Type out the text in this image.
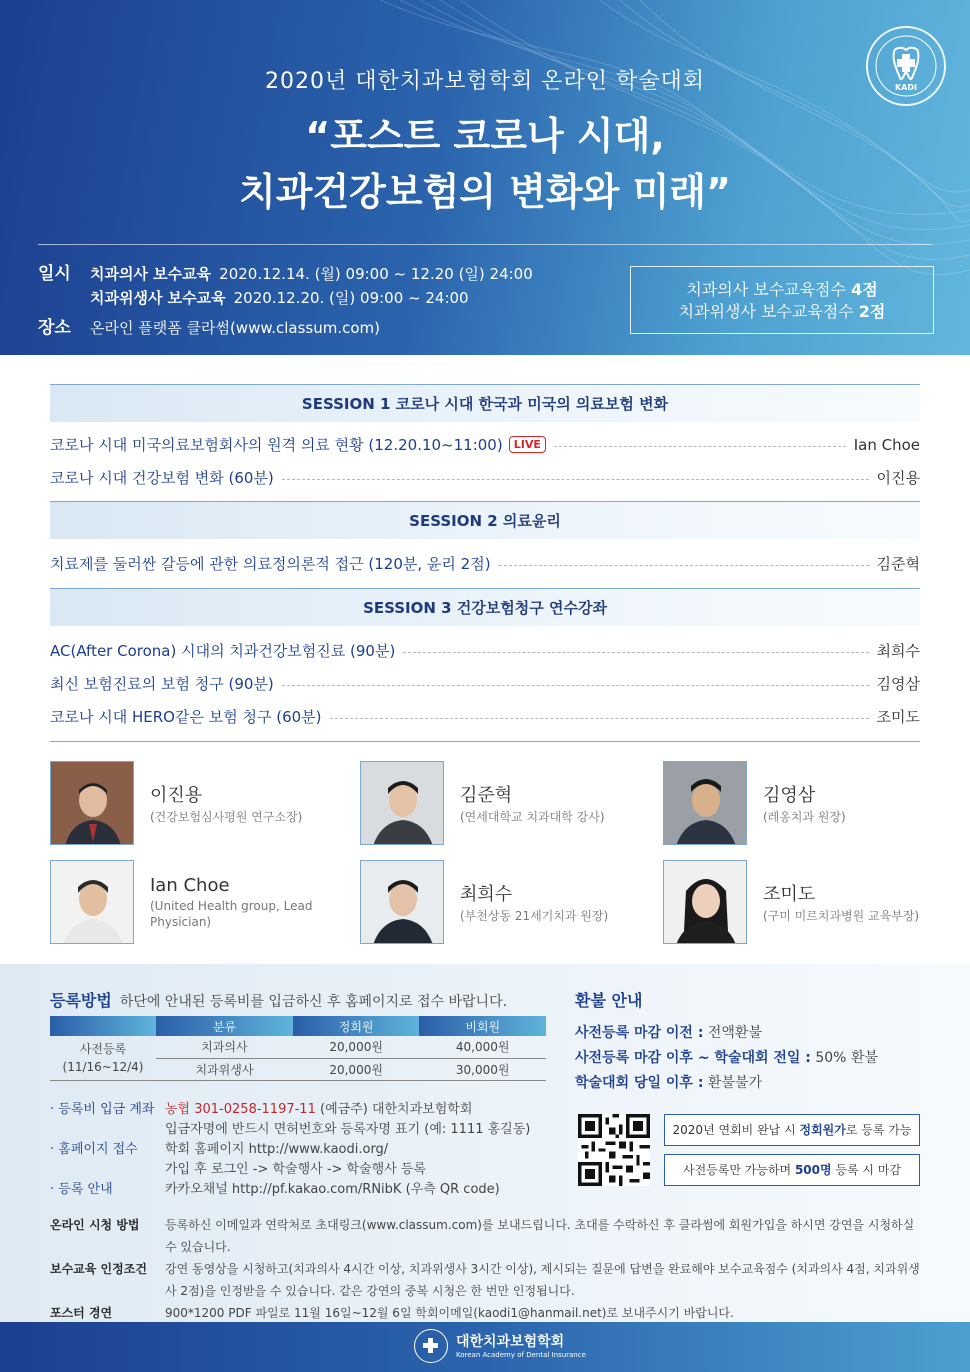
KADI
2020년 대한치과보험학회 온라인 학술대회
“포스트 코로나 시대,
치과건강보험의 변화와 미래”
일시 치과의사 보수교육 2020.12.14. (월) 09:00 ~ 12.20 (일) 24:00
치과위생사 보수교육 2020.12.20. (일) 09:00 ~ 24:00
장소 온라인 플랫폼 클라썸(www.classum.com)
치과의사 보수교육점수 4점
치과위생사 보수교육점수 2점
SESSION 1 코로나 시대 한국과 미국의 의료보험 변화
코로나 시대 미국의료보험회사의 원격 의료 현황 (12.20.10~11:00)	LIVE	Ian Choe
코로나 시대 건강보험 변화 (60분)	이진용
SESSION 2 의료윤리
치료제를 둘러싼 갈등에 관한 의료정의론적 접근 (120분, 윤리 2점)	김준혁
SESSION 3 건강보험청구 연수강좌
AC(After Corona) 시대의 치과건강보험진료 (90분)	최희수
최신 보험진료의 보험 청구 (90분)	김영삼
코로나 시대 HERO같은 보험 청구 (60분)	조미도
이진용
(건강보험심사평원 연구소장)
김준혁
(연세대학교 치과대학 강사)
김영삼
(레옹치과 원장)
Ian Choe
(United Health group, Lead Physician)
최희수
(부천상동 21세기치과 원장)
조미도
(구미 미르치과병원 교육부장)
등록방법 하단에 안내된 등록비를 입금하신 후 홈페이지로 접수 바랍니다.
	분류	정회원	비회원

사전등록
(11/16~12/4)	치과의사	20,000원	40,000원
	치과위생사	20,000원	30,000원
· 등록비 입금 계좌 농협 301-0258-1197-11 (예금주) 대한치과보험학회
입금자명에 반드시 면허번호와 등록자명 표기 (예: 1111 홍길동)
· 홈페이지 접수	학회 홈페이지 http://www.kaodi.org/
가입 후 로그인 -> 학술행사 -> 학술행사 등록
· 등록 안내	카카오채널 http://pf.kakao.com/RNibK (우측 QR code)
환불 안내
사전등록 마감 이전 : 전액환불
사전등록 마감 이후 ~ 학술대회 전일 : 50% 환불
학술대회 당일 이후 : 환불불가
2020년 연회비 완납 시 정회원가로 등록 가능
사전등록만 가능하며 500명 등록 시 마감
온라인 시청 방법	등록하신 이메일과 연락처로 초대링크(www.classum.com)를 보내드립니다. 초대를 수락하신 후 클라썸에 회원가입을 하시면 강연을 시청하실 수 있습니다.
보수교육 인정조건	강연 동영상을 시청하고(치과의사 4시간 이상, 치과위생사 3시간 이상), 제시되는 질문에 답변을 완료해야 보수교육점수 (치과의사 4점, 치과위생사 2점)을 인정받을 수 있습니다. 같은 강연의 중복 시청은 한 번만 인정됩니다.
포스터 경연	900*1200 PDF 파일로 11월 16일~12월 6일 학회이메일(kaodi1@hanmail.net)로 보내주시기 바랍니다.
대한치과보험학회
Korean Academy of Dental Insurance
